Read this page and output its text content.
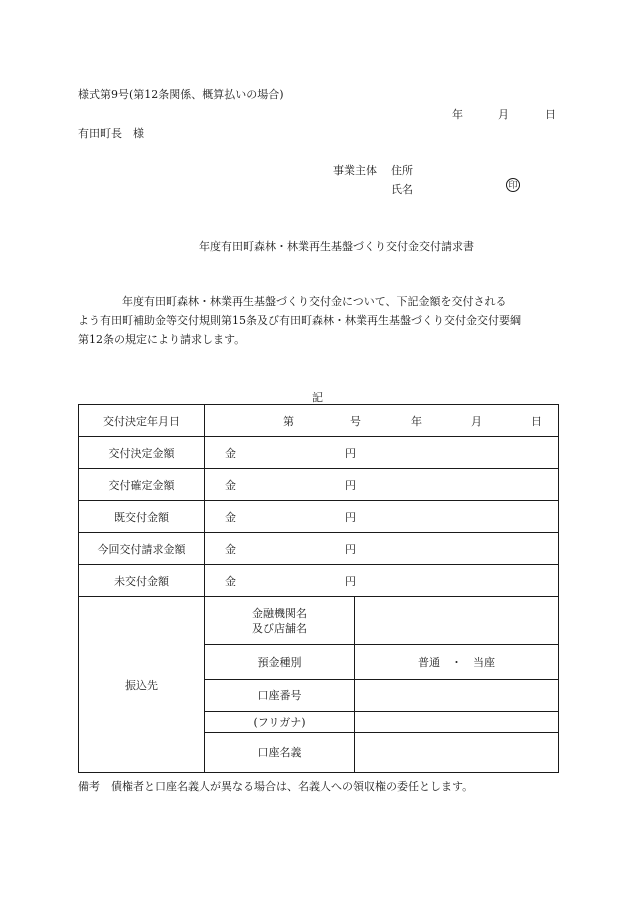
様式第9号(第12条関係、概算払いの場合)
年	月	日
有田町長　様
事業主体 住所
氏名	印
年度有田町森林・林業再生基盤づくり交付金交付請求書
　　　　年度有田町森林・林業再生基盤づくり交付金について、下記金額を交付される
よう有田町補助金等交付規則第15条及び有田町森林・林業再生基盤づくり交付金交付要綱
第12条の規定により請求します。
記
交付決定年月日	第 号 年 月 日	

交付決定金額	金 円	

交付確定金額	金 円	

既交付金額	金 円	

今回交付請求金額	金 円	

未交付金額	金 円	

振込先	金融機関名
及び店舗名	

	預金種別	普通　・　当座
	口座番号	
	(フリガナ)	
	口座名義	
備考　債権者と口座名義人が異なる場合は、名義人への領収権の委任とします。
